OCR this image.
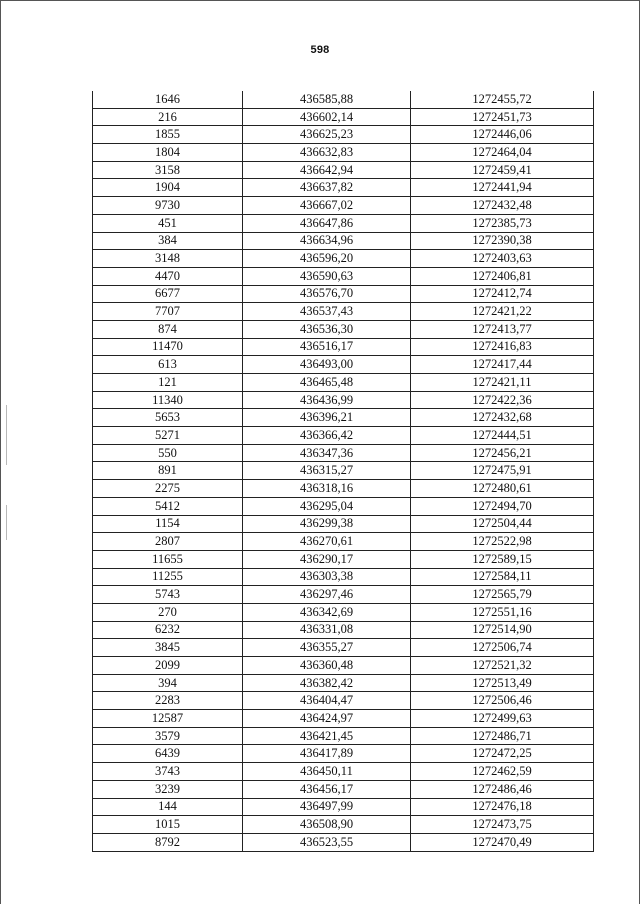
598
1646	436585,88	1272455,72
216	436602,14	1272451,73
1855	436625,23	1272446,06
1804	436632,83	1272464,04
3158	436642,94	1272459,41
1904	436637,82	1272441,94
9730	436667,02	1272432,48
451	436647,86	1272385,73
384	436634,96	1272390,38
3148	436596,20	1272403,63
4470	436590,63	1272406,81
6677	436576,70	1272412,74
7707	436537,43	1272421,22
874	436536,30	1272413,77
11470	436516,17	1272416,83
613	436493,00	1272417,44
121	436465,48	1272421,11
11340	436436,99	1272422,36
5653	436396,21	1272432,68
5271	436366,42	1272444,51
550	436347,36	1272456,21
891	436315,27	1272475,91
2275	436318,16	1272480,61
5412	436295,04	1272494,70
1154	436299,38	1272504,44
2807	436270,61	1272522,98
11655	436290,17	1272589,15
11255	436303,38	1272584,11
5743	436297,46	1272565,79
270	436342,69	1272551,16
6232	436331,08	1272514,90
3845	436355,27	1272506,74
2099	436360,48	1272521,32
394	436382,42	1272513,49
2283	436404,47	1272506,46
12587	436424,97	1272499,63
3579	436421,45	1272486,71
6439	436417,89	1272472,25
3743	436450,11	1272462,59
3239	436456,17	1272486,46
144	436497,99	1272476,18
1015	436508,90	1272473,75
8792	436523,55	1272470,49
